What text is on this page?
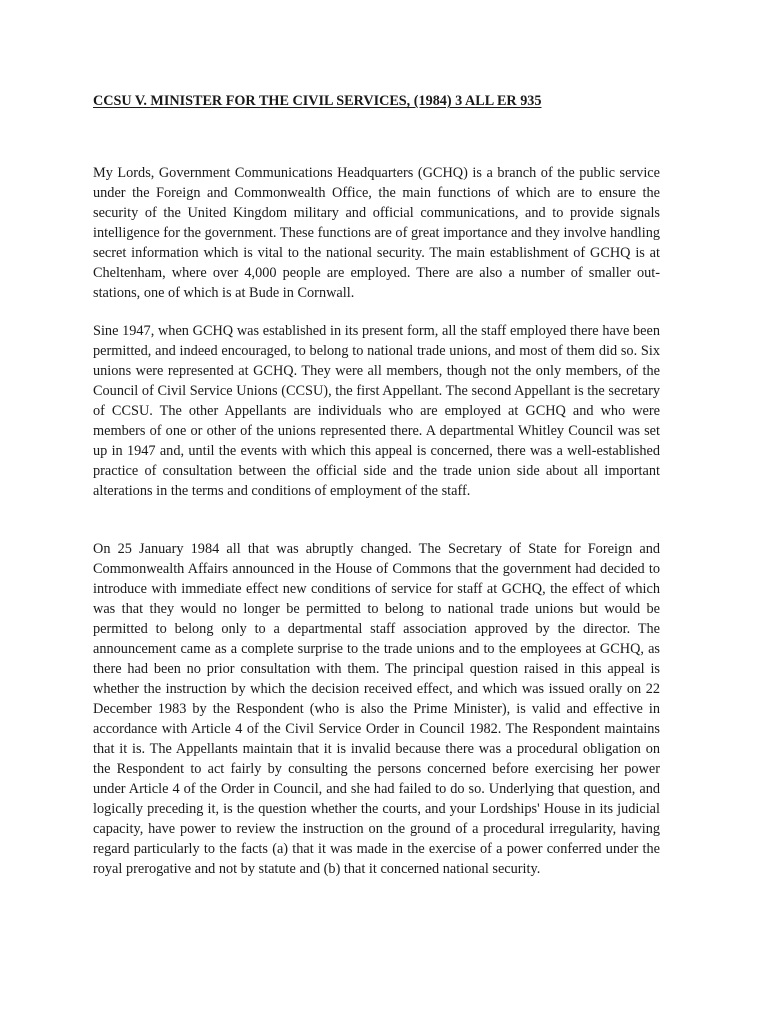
CCSU V. MINISTER FOR THE CIVIL SERVICES, (1984) 3 ALL ER 935

My Lords, Government Communications Headquarters (GCHQ) is a branch of the public service under the Foreign and Commonwealth Office, the main functions of which are to ensure the security of the United Kingdom military and official communications, and to provide signals intelligence for the government. These functions are of great importance and they involve handling secret information which is vital to the national security. The main establishment of GCHQ is at Cheltenham, where over 4,000 people are employed. There are also a number of smaller out-stations, one of which is at Bude in Cornwall.

Sine 1947, when GCHQ was established in its present form, all the staff employed there have been permitted, and indeed encouraged, to belong to national trade unions, and most of them did so. Six unions were represented at GCHQ. They were all members, though not the only members, of the Council of Civil Service Unions (CCSU), the first Appellant. The second Appellant is the secretary of CCSU. The other Appellants are individuals who are employed at GCHQ and who were members of one or other of the unions represented there. A departmental Whitley Council was set up in 1947 and, until the events with which this appeal is concerned, there was a well-established practice of consultation between the official side and the trade union side about all important alterations in the terms and conditions of employment of the staff.

On 25 January 1984 all that was abruptly changed. The Secretary of State for Foreign and Commonwealth Affairs announced in the House of Commons that the government had decided to introduce with immediate effect new conditions of service for staff at GCHQ, the effect of which was that they would no longer be permitted to belong to national trade unions but would be permitted to belong only to a departmental staff association approved by the director. The announcement came as a complete surprise to the trade unions and to the employees at GCHQ, as there had been no prior consultation with them. The principal question raised in this appeal is whether the instruction by which the decision received effect, and which was issued orally on 22 December 1983 by the Respondent (who is also the Prime Minister), is valid and effective in accordance with Article 4 of the Civil Service Order in Council 1982. The Respondent maintains that it is. The Appellants maintain that it is invalid because there was a procedural obligation on the Respondent to act fairly by consulting the persons concerned before exercising her power under Article 4 of the Order in Council, and she had failed to do so. Underlying that question, and logically preceding it, is the question whether the courts, and your Lordships' House in its judicial capacity, have power to review the instruction on the ground of a procedural irregularity, having regard particularly to the facts (a) that it was made in the exercise of a power conferred under the royal prerogative and not by statute and (b) that it concerned national security.
